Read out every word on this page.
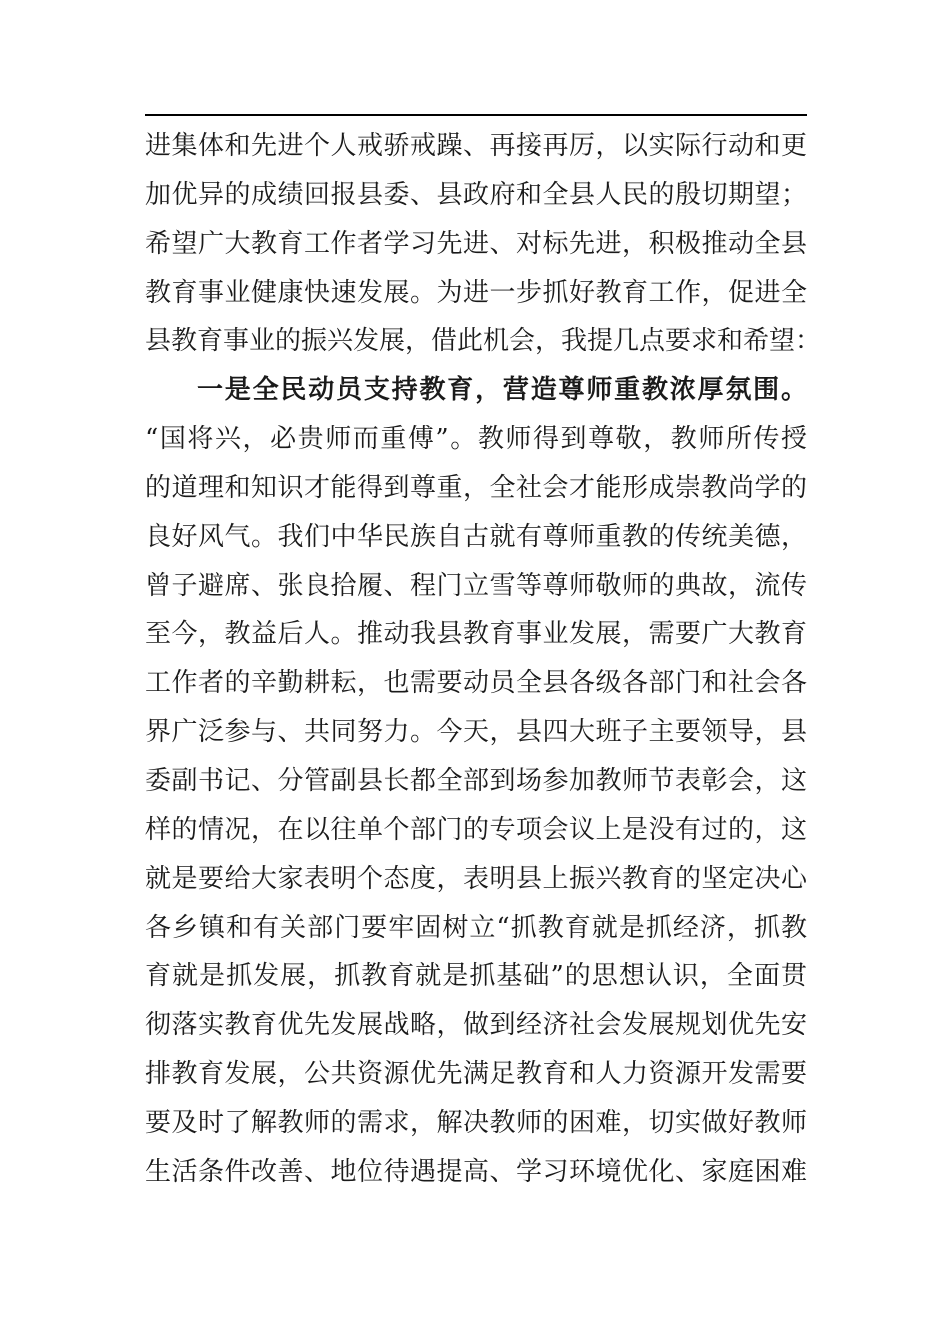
进集体和先进个人戒骄戒躁、再接再厉，以实际行动和更
加优异的成绩回报县委、县政府和全县人民的殷切期望；
希望广大教育工作者学习先进、对标先进，积极推动全县
教育事业健康快速发展。为进一步抓好教育工作，促进全
县教育事业的振兴发展，借此机会，我提几点要求和希望：
一是全民动员支持教育，营造尊师重教浓厚氛围。
“国将兴，必贵师而重傅”。教师得到尊敬，教师所传授
的道理和知识才能得到尊重，全社会才能形成崇教尚学的
良好风气。我们中华民族自古就有尊师重教的传统美德，
曾子避席、张良拾履、程门立雪等尊师敬师的典故，流传
至今，教益后人。推动我县教育事业发展，需要广大教育
工作者的辛勤耕耘，也需要动员全县各级各部门和社会各
界广泛参与、共同努力。今天，县四大班子主要领导，县
委副书记、分管副县长都全部到场参加教师节表彰会，这
样的情况，在以往单个部门的专项会议上是没有过的，这
就是要给大家表明个态度，表明县上振兴教育的坚定决心
各乡镇和有关部门要牢固树立“抓教育就是抓经济，抓教
育就是抓发展，抓教育就是抓基础”的思想认识，全面贯
彻落实教育优先发展战略，做到经济社会发展规划优先安
排教育发展，公共资源优先满足教育和人力资源开发需要
要及时了解教师的需求，解决教师的困难，切实做好教师
生活条件改善、地位待遇提高、学习环境优化、家庭困难
